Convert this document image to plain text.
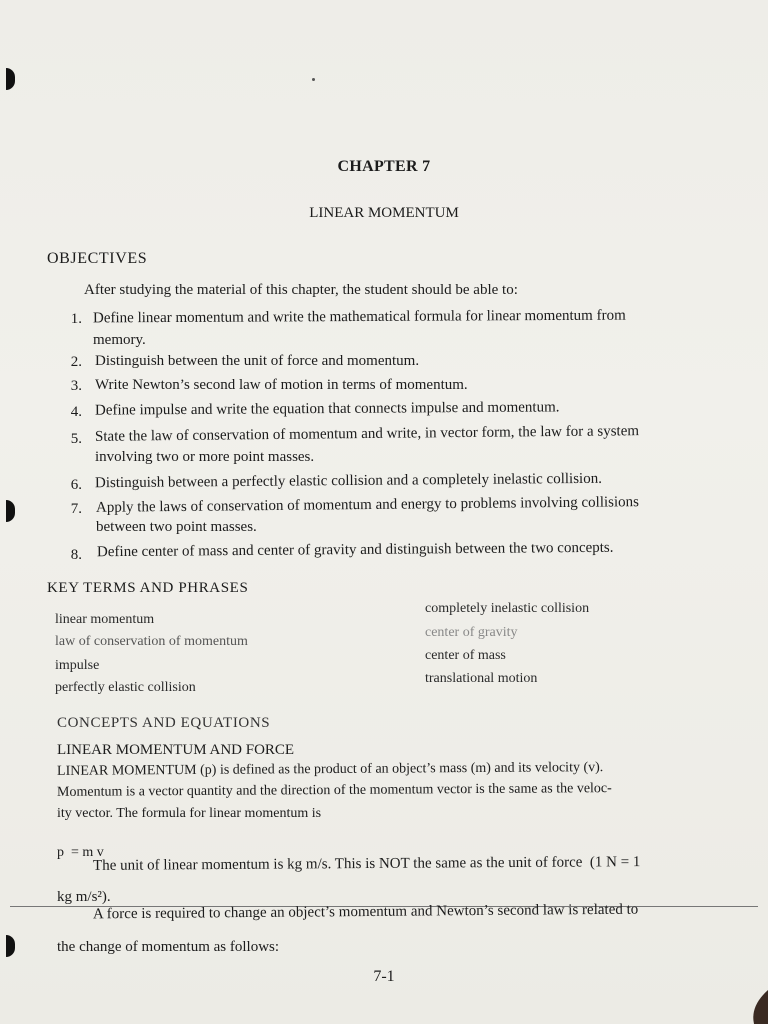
CHAPTER 7
LINEAR MOMENTUM
OBJECTIVES
After studying the material of this chapter, the student should be able to:
1. Define linear momentum and write the mathematical formula for linear momentum from
memory.
2. Distinguish between the unit of force and momentum.
3. Write Newton’s second law of motion in terms of momentum.
4. Define impulse and write the equation that connects impulse and momentum.
5. State the law of conservation of momentum and write, in vector form, the law for a system
involving two or more point masses.
6. Distinguish between a perfectly elastic collision and a completely inelastic collision.
7. Apply the laws of conservation of momentum and energy to problems involving collisions
between two point masses.
8. Define center of mass and center of gravity and distinguish between the two concepts.
KEY TERMS AND PHRASES
linear momentum
law of conservation of momentum
impulse
perfectly elastic collision
completely inelastic collision
center of gravity
center of mass
translational motion
CONCEPTS AND EQUATIONS
LINEAR MOMENTUM AND FORCE
LINEAR MOMENTUM (p) is defined as the product of an object’s mass (m) and its velocity (v).
Momentum is a vector quantity and the direction of the momentum vector is the same as the veloc-
ity vector. The formula for linear momentum is
p  = m v
The unit of linear momentum is kg m/s. This is NOT the same as the unit of force  (1 N = 1
kg m/s²).
A force is required to change an object’s momentum and Newton’s second law is related to
the change of momentum as follows:
7-1
